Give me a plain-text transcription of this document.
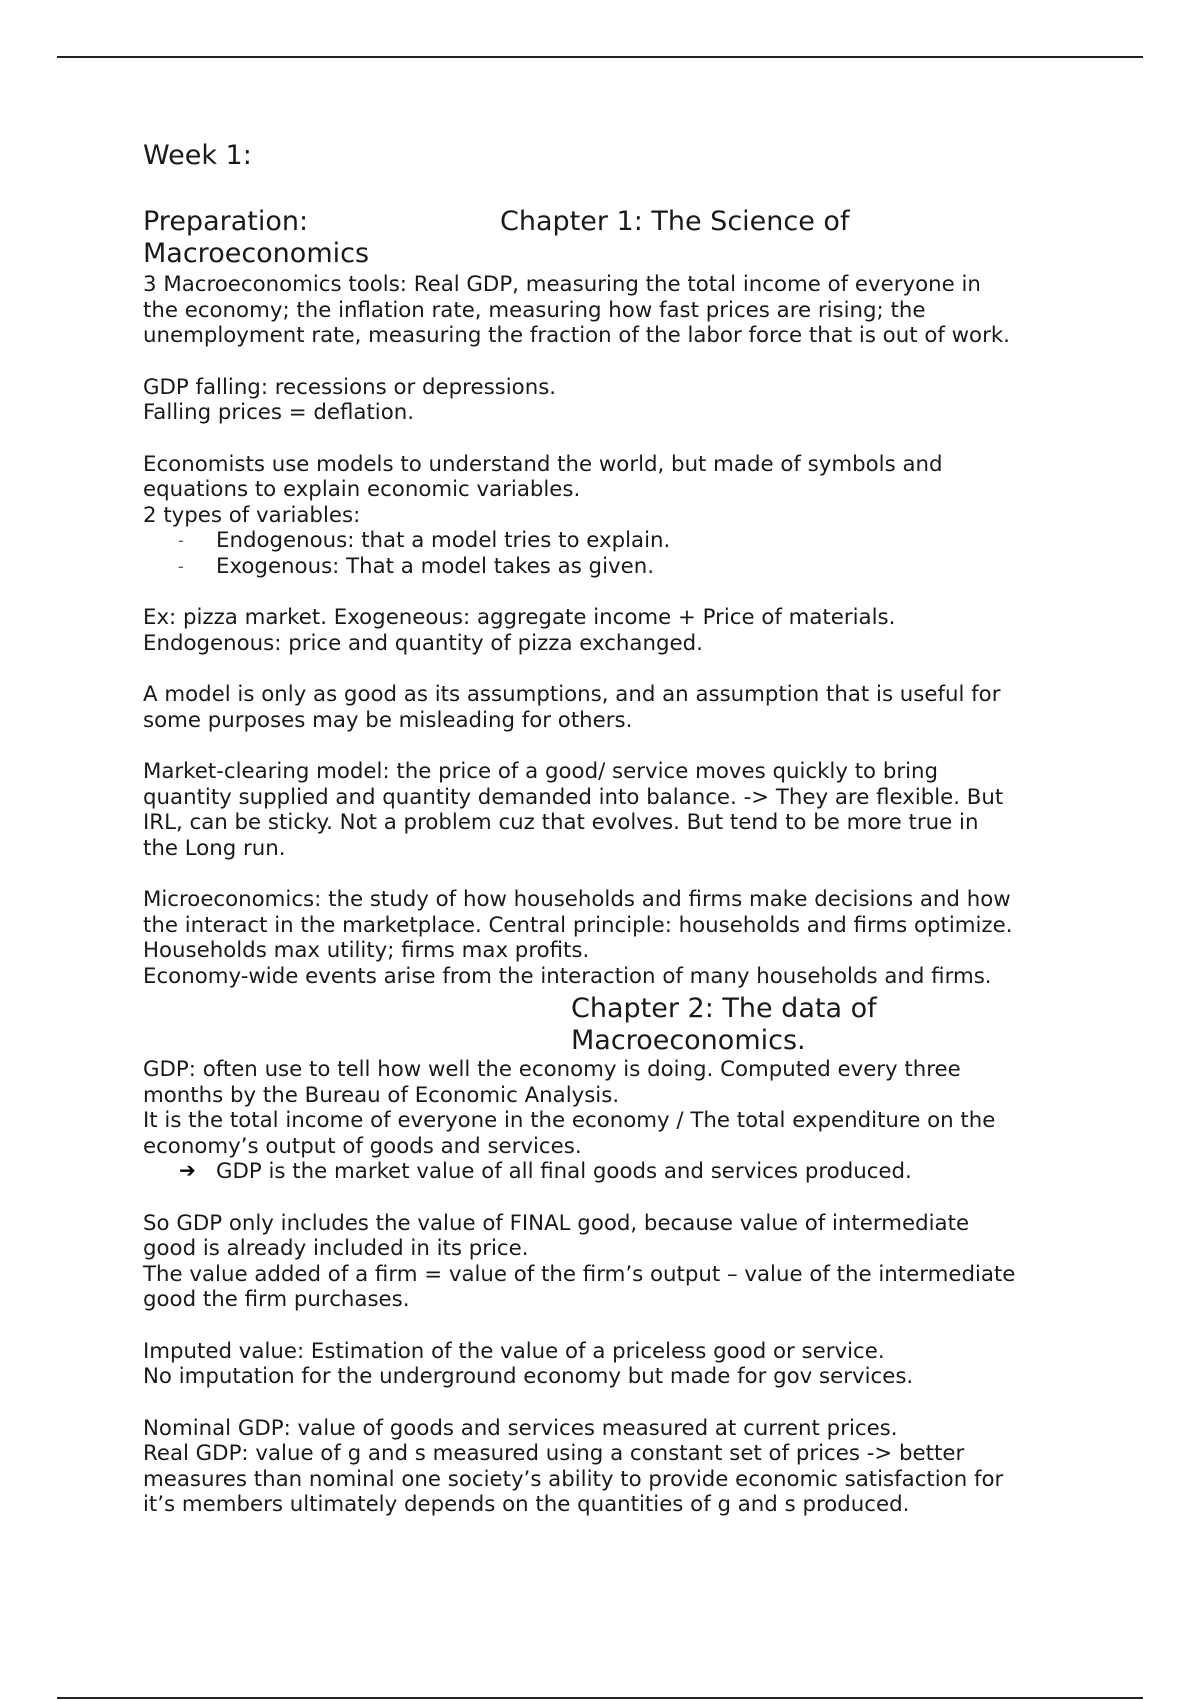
Week 1:
Preparation:	Chapter 1: The Science of
Macroeconomics

3 Macroeconomics tools: Real GDP, measuring the total income of everyone in

the economy; the inflation rate, measuring how fast prices are rising; the

unemployment rate, measuring the fraction of the labor force that is out of work.

GDP falling: recessions or depressions.

Falling prices = deflation.

Economists use models to understand the world, but made of symbols and

equations to explain economic variables.

2 types of variables:

- Endogenous: that a model tries to explain.

- Exogenous: That a model takes as given.

Ex: pizza market. Exogeneous: aggregate income + Price of materials.

Endogenous: price and quantity of pizza exchanged.

A model is only as good as its assumptions, and an assumption that is useful for

some purposes may be misleading for others.

Market-clearing model: the price of a good/ service moves quickly to bring

quantity supplied and quantity demanded into balance. -> They are flexible. But

IRL, can be sticky. Not a problem cuz that evolves. But tend to be more true in

the Long run.

Microeconomics: the study of how households and firms make decisions and how

the interact in the marketplace. Central principle: households and firms optimize.

Households max utility; firms max profits.

Economy-wide events arise from the interaction of many households and firms.

Chapter 2: The data of
Macroeconomics.

GDP: often use to tell how well the economy is doing. Computed every three

months by the Bureau of Economic Analysis.

It is the total income of everyone in the economy / The total expenditure on the

economy’s output of goods and services.

➔ GDP is the market value of all final goods and services produced.

So GDP only includes the value of FINAL good, because value of intermediate

good is already included in its price.

The value added of a firm = value of the firm’s output – value of the intermediate

good the firm purchases.

Imputed value: Estimation of the value of a priceless good or service.

No imputation for the underground economy but made for gov services.

Nominal GDP: value of goods and services measured at current prices.

Real GDP: value of g and s measured using a constant set of prices -> better

measures than nominal one society’s ability to provide economic satisfaction for

it’s members ultimately depends on the quantities of g and s produced.
